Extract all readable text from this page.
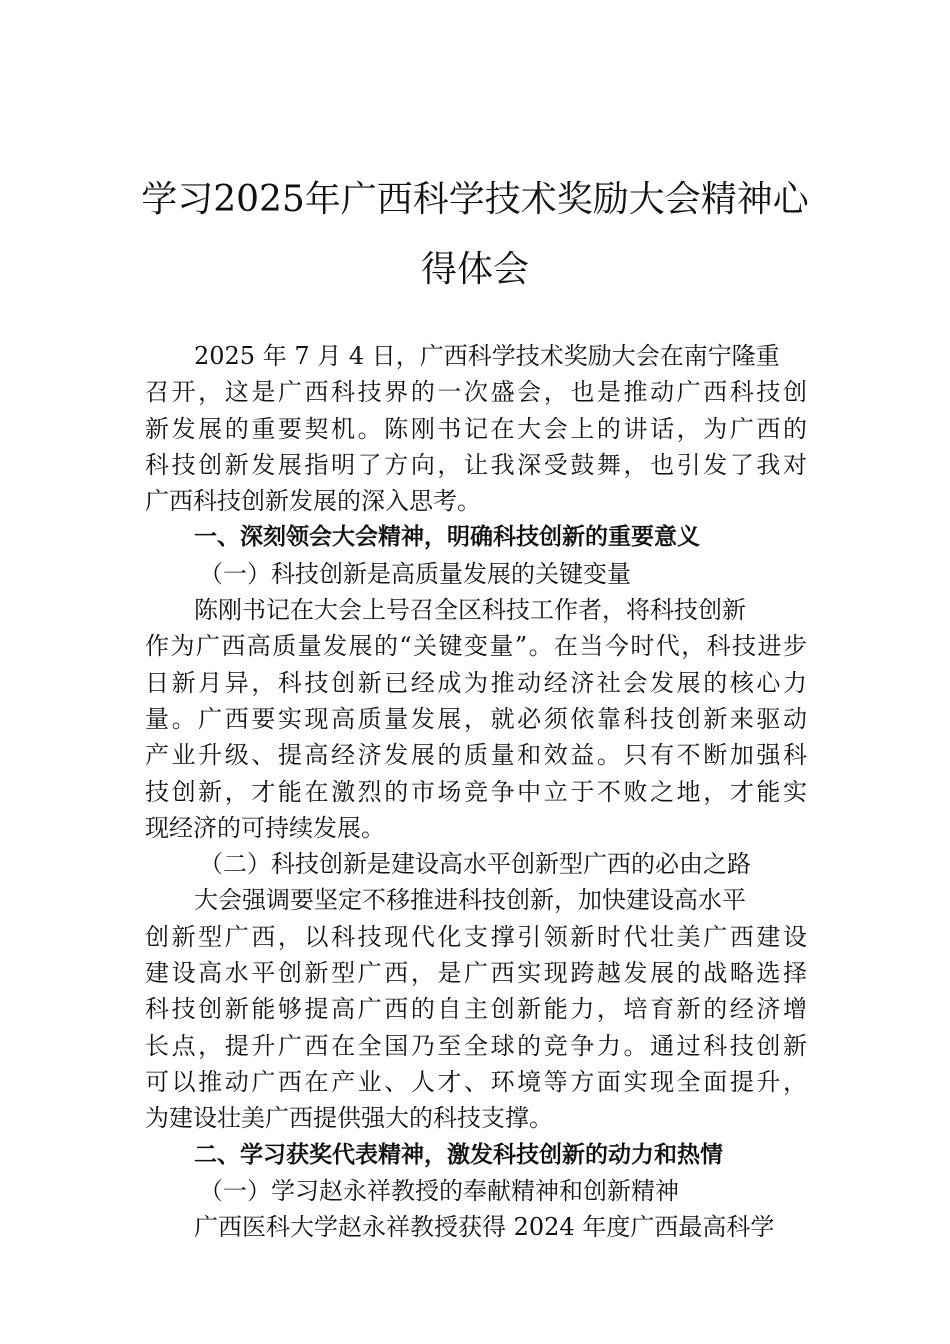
学习2025年广西科学技术奖励大会精神心
得体会
2025 年 7 月 4 日，广西科学技术奖励大会在南宁隆重
召开，这是广西科技界的一次盛会，也是推动广西科技创
新发展的重要契机。陈刚书记在大会上的讲话，为广西的
科技创新发展指明了方向，让我深受鼓舞，也引发了我对
广西科技创新发展的深入思考。
一、深刻领会大会精神，明确科技创新的重要意义
（一）科技创新是高质量发展的关键变量
陈刚书记在大会上号召全区科技工作者，将科技创新
作为广西高质量发展的“关键变量”。在当今时代，科技进步
日新月异，科技创新已经成为推动经济社会发展的核心力
量。广西要实现高质量发展，就必须依靠科技创新来驱动
产业升级、提高经济发展的质量和效益。只有不断加强科
技创新，才能在激烈的市场竞争中立于不败之地，才能实
现经济的可持续发展。
（二）科技创新是建设高水平创新型广西的必由之路
大会强调要坚定不移推进科技创新，加快建设高水平
创新型广西，以科技现代化支撑引领新时代壮美广西建设
建设高水平创新型广西，是广西实现跨越发展的战略选择
科技创新能够提高广西的自主创新能力，培育新的经济增
长点，提升广西在全国乃至全球的竞争力。通过科技创新
可以推动广西在产业、人才、环境等方面实现全面提升，
为建设壮美广西提供强大的科技支撑。
二、学习获奖代表精神，激发科技创新的动力和热情
（一）学习赵永祥教授的奉献精神和创新精神
广西医科大学赵永祥教授获得 2024 年度广西最高科学
